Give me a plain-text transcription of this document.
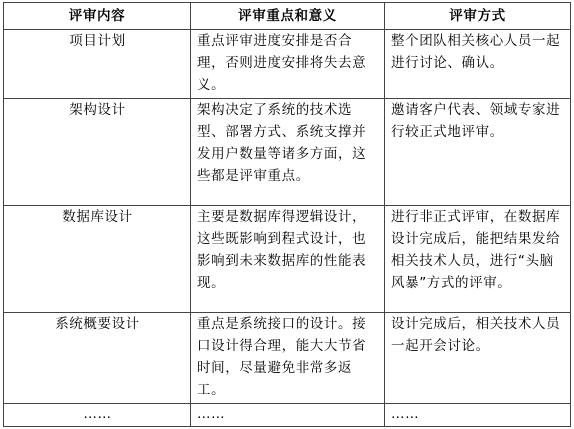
评审内容	评审重点和意义	评审方式
项目计划	重点评审进度安排是否合理，否则进度安排将失去意义。	整个团队相关核心人员一起进行讨论、确认。
架构设计	架构决定了系统的技术选型、部署方式、系统支撑并发用户数量等诸多方面，这些都是评审重点。	邀请客户代表、领域专家进行较正式地评审。
数据库设计	主要是数据库得逻辑设计，这些既影响到程式设计，也影响到未来数据库的性能表现。	进行非正式评审，在数据库设计完成后，能把结果发给相关技术人员，进行“头脑风暴”方式的评审。
系统概要设计	重点是系统接口的设计。接口设计得合理，能大大节省时间，尽量避免非常多返工。	设计完成后，相关技术人员一起开会讨论。
……	……	……
